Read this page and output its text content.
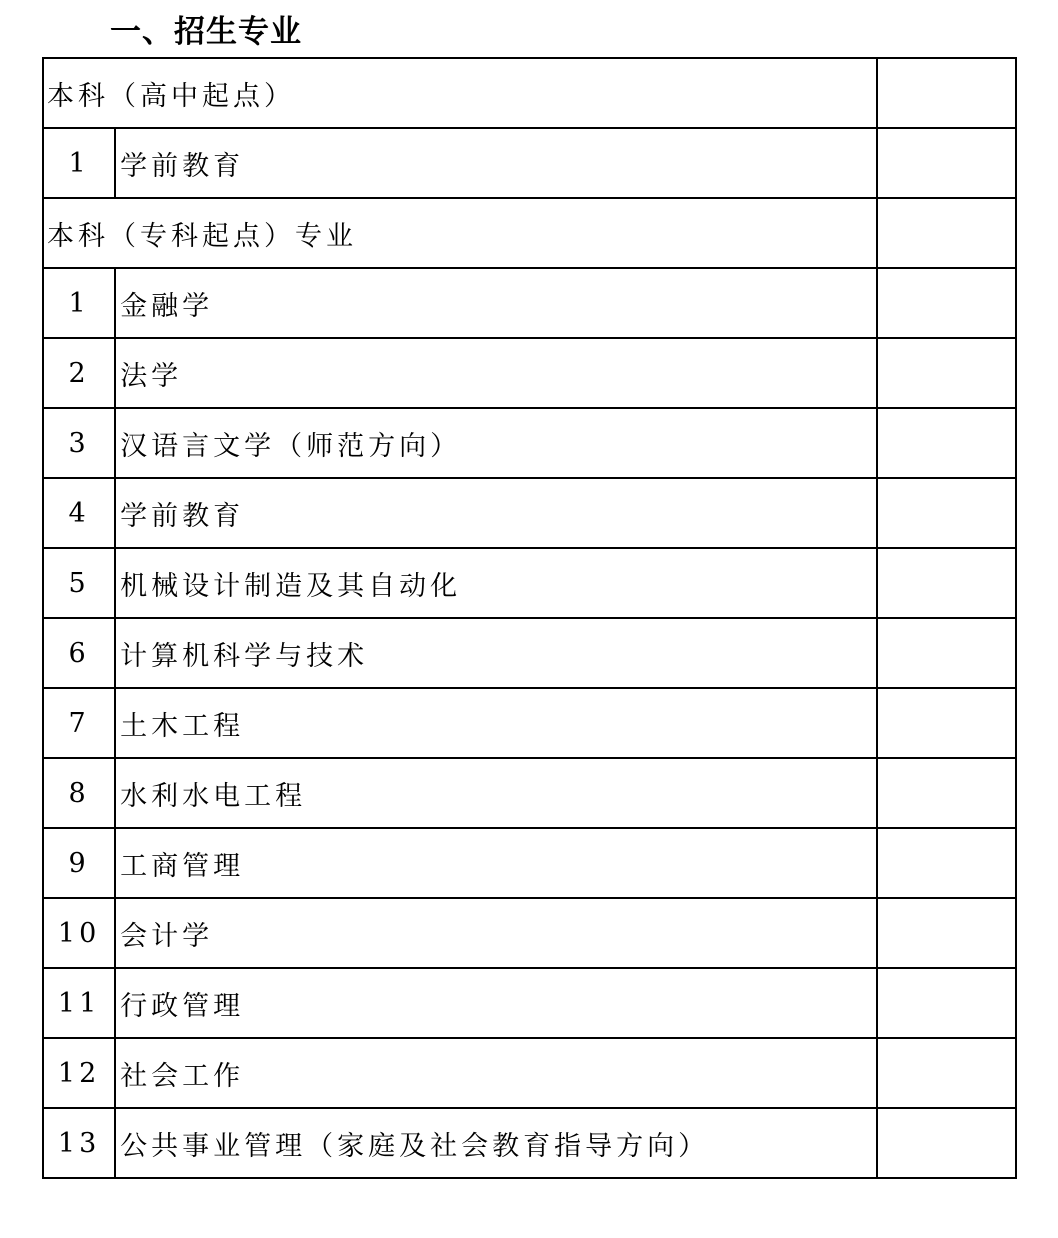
一、招生专业
本科（高中起点）		
1	学前教育	
本科（专科起点）专业		
1	金融学	
2	法学	
3	汉语言文学（师范方向）	
4	学前教育	
5	机械设计制造及其自动化	
6	计算机科学与技术	
7	土木工程	
8	水利水电工程	
9	工商管理	
10	会计学	
11	行政管理	
12	社会工作	
13	公共事业管理（家庭及社会教育指导方向）	
